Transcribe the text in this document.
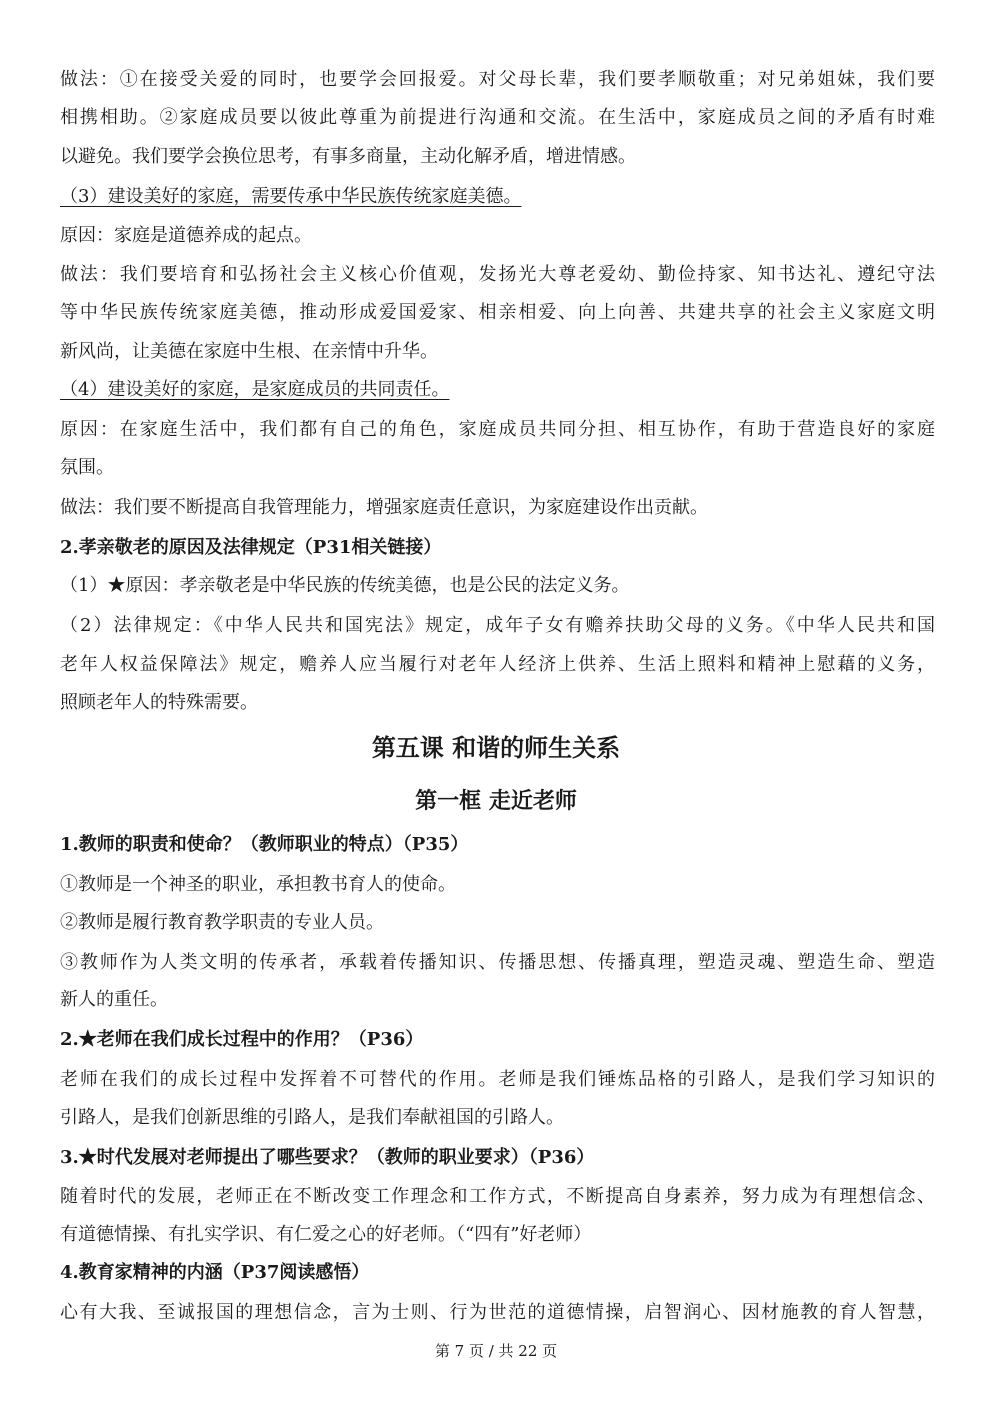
做法：①在接受关爱的同时，也要学会回报爱。对父母长辈，我们要孝顺敬重；对兄弟姐妹，我们要
相携相助。②家庭成员要以彼此尊重为前提进行沟通和交流。在生活中，家庭成员之间的矛盾有时难
以避免。我们要学会换位思考，有事多商量，主动化解矛盾，增进情感。
（3）建设美好的家庭，需要传承中华民族传统家庭美德。
原因：家庭是道德养成的起点。
做法：我们要培育和弘扬社会主义核心价值观，发扬光大尊老爱幼、勤俭持家、知书达礼、遵纪守法
等中华民族传统家庭美德，推动形成爱国爱家、相亲相爱、向上向善、共建共享的社会主义家庭文明
新风尚，让美德在家庭中生根、在亲情中升华。
（4）建设美好的家庭，是家庭成员的共同责任。
原因：在家庭生活中，我们都有自己的角色，家庭成员共同分担、相互协作，有助于营造良好的家庭
氛围。
做法：我们要不断提高自我管理能力，增强家庭责任意识，为家庭建设作出贡献。
2.孝亲敬老的原因及法律规定（P31相关链接）
（1）★原因：孝亲敬老是中华民族的传统美德，也是公民的法定义务。
（2）法律规定：《中华人民共和国宪法》规定，成年子女有赡养扶助父母的义务。《中华人民共和国
老年人权益保障法》规定，赡养人应当履行对老年人经济上供养、生活上照料和精神上慰藉的义务，
照顾老年人的特殊需要。
第五课 和谐的师生关系
第一框 走近老师
1.教师的职责和使命？（教师职业的特点）（P35）
①教师是一个神圣的职业，承担教书育人的使命。
②教师是履行教育教学职责的专业人员。
③教师作为人类文明的传承者，承载着传播知识、传播思想、传播真理，塑造灵魂、塑造生命、塑造
新人的重任。
2.★老师在我们成长过程中的作用？（P36）
老师在我们的成长过程中发挥着不可替代的作用。老师是我们锤炼品格的引路人，是我们学习知识的
引路人，是我们创新思维的引路人，是我们奉献祖国的引路人。
3.★时代发展对老师提出了哪些要求？（教师的职业要求）（P36）
随着时代的发展，老师正在不断改变工作理念和工作方式，不断提高自身素养，努力成为有理想信念、
有道德情操、有扎实学识、有仁爱之心的好老师。（“四有”好老师）
4.教育家精神的内涵（P37阅读感悟）
心有大我、至诚报国的理想信念，言为士则、行为世范的道德情操，启智润心、因材施教的育人智慧，
第 7 页 / 共 22 页
